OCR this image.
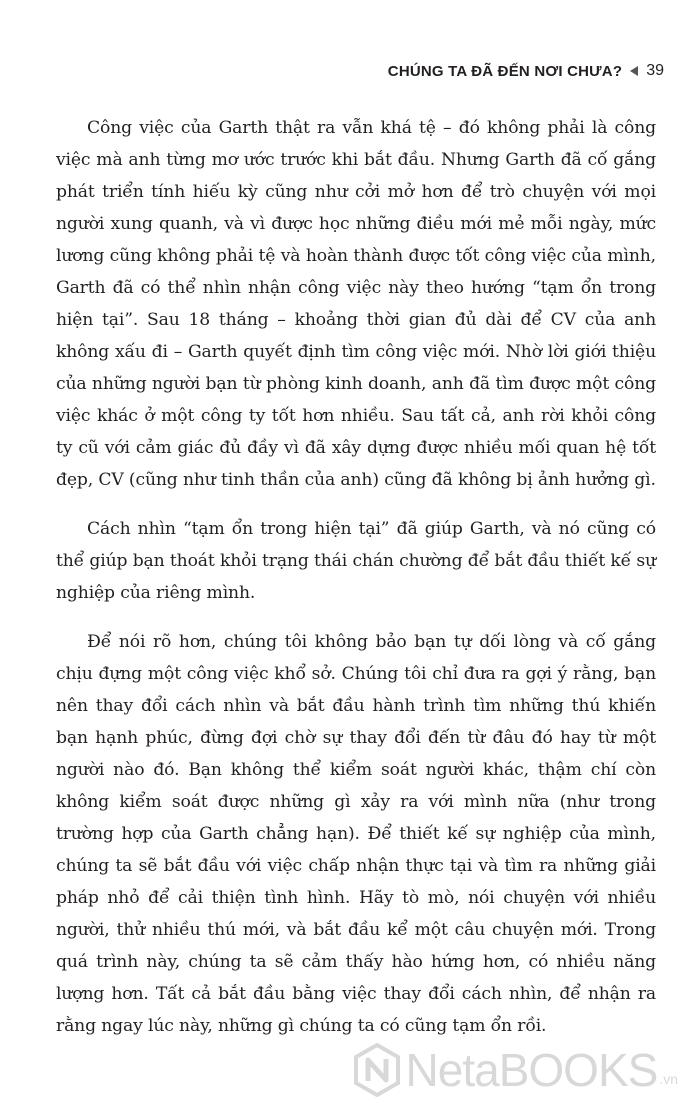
CHÚNG TA ĐÃ ĐẾN NƠI CHƯA? 39

Công việc của Garth thật ra vẫn khá tệ – đó không phải là công việc mà anh từng mơ ước trước khi bắt đầu. Nhưng Garth đã cố gắng phát triển tính hiếu kỳ cũng như cởi mở hơn để trò chuyện với mọi người xung quanh, và vì được học những điều mới mẻ mỗi ngày, mức lương cũng không phải tệ và hoàn thành được tốt công việc của mình, Garth đã có thể nhìn nhận công việc này theo hướng “tạm ổn trong hiện tại”. Sau 18 tháng – khoảng thời gian đủ dài để CV của anh không xấu đi – Garth quyết định tìm công việc mới. Nhờ lời giới thiệu của những người bạn từ phòng kinh doanh, anh đã tìm được một công việc khác ở một công ty tốt hơn nhiều. Sau tất cả, anh rời khỏi công ty cũ với cảm giác đủ đầy vì đã xây dựng được nhiều mối quan hệ tốt đẹp, CV (cũng như tinh thần của anh) cũng đã không bị ảnh hưởng gì.

Cách nhìn “tạm ổn trong hiện tại” đã giúp Garth, và nó cũng có thể giúp bạn thoát khỏi trạng thái chán chường để bắt đầu thiết kế sự nghiệp của riêng mình.

Để nói rõ hơn, chúng tôi không bảo bạn tự dối lòng và cố gắng chịu đựng một công việc khổ sở. Chúng tôi chỉ đưa ra gợi ý rằng, bạn nên thay đổi cách nhìn và bắt đầu hành trình tìm những thú khiến bạn hạnh phúc, đừng đợi chờ sự thay đổi đến từ đâu đó hay từ một người nào đó. Bạn không thể kiểm soát người khác, thậm chí còn không kiểm soát được những gì xảy ra với mình nữa (như trong trường hợp của Garth chẳng hạn). Để thiết kế sự nghiệp của mình, chúng ta sẽ bắt đầu với việc chấp nhận thực tại và tìm ra những giải pháp nhỏ để cải thiện tình hình. Hãy tò mò, nói chuyện với nhiều người, thử nhiều thú mới, và bắt đầu kể một câu chuyện mới. Trong quá trình này, chúng ta sẽ cảm thấy hào hứng hơn, có nhiều năng lượng hơn. Tất cả bắt đầu bằng việc thay đổi cách nhìn, để nhận ra rằng ngay lúc này, những gì chúng ta có cũng tạm ổn rồi.

NetaBOOKS .vn
